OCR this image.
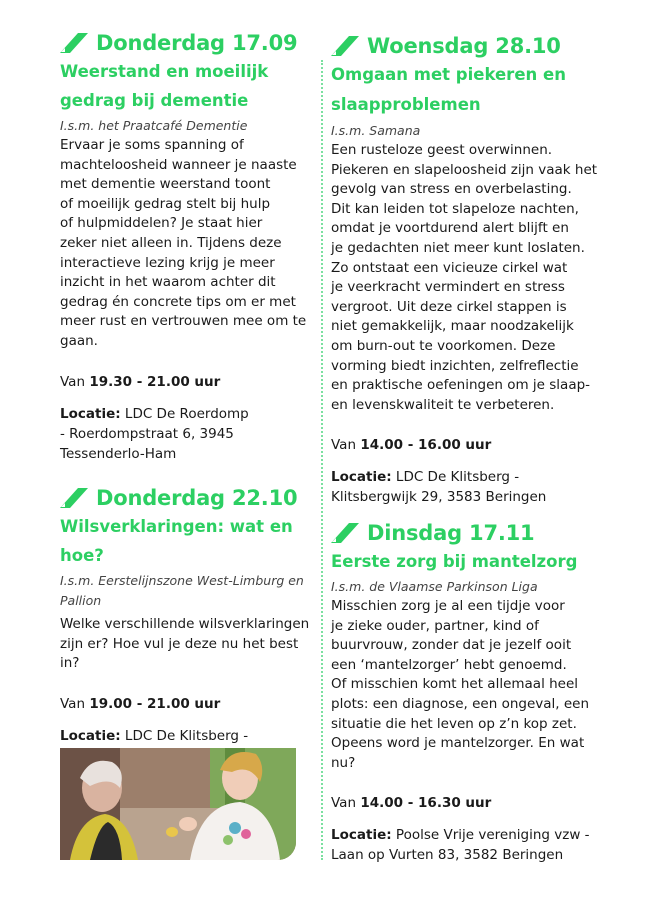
Donderdag 17.09
Weerstand en moeilijk
gedrag bij dementie
I.s.m. het Praatcafé Dementie
Ervaar je soms spanning of
machteloosheid wanneer je naaste
met dementie weerstand toont
of moeilijk gedrag stelt bij hulp
of hulpmiddelen? Je staat hier
zeker niet alleen in. Tijdens deze
interactieve lezing krijg je meer
inzicht in het waarom achter dit
gedrag én concrete tips om er met
meer rust en vertrouwen mee om te
gaan.
Van 19.30 - 21.00 uur
Locatie: LDC De Roerdomp
- Roerdompstraat 6, 3945
Tessenderlo-Ham
Donderdag 22.10
Wilsverklaringen: wat en
hoe?
I.s.m. Eerstelijnszone West-Limburg en
Pallion
Welke verschillende wilsverklaringen
zijn er? Hoe vul je deze nu het best
in?
Van 19.00 - 21.00 uur
Locatie: LDC De Klitsberg -

Woensdag 28.10
Omgaan met piekeren en
slaapproblemen
I.s.m. Samana
Een rusteloze geest overwinnen.
Piekeren en slapeloosheid zijn vaak het
gevolg van stress en overbelasting.
Dit kan leiden tot slapeloze nachten,
omdat je voortdurend alert blijft en
je gedachten niet meer kunt loslaten.
Zo ontstaat een vicieuze cirkel wat
je veerkracht vermindert en stress
vergroot. Uit deze cirkel stappen is
niet gemakkelijk, maar noodzakelijk
om burn-out te voorkomen. Deze
vorming biedt inzichten, zelfreflectie
en praktische oefeningen om je slaap-
en levenskwaliteit te verbeteren.
Van 14.00 - 16.00 uur
Locatie: LDC De Klitsberg -
Klitsbergwijk 29, 3583 Beringen
Dinsdag 17.11
Eerste zorg bij mantelzorg
I.s.m. de Vlaamse Parkinson Liga
Misschien zorg je al een tijdje voor
je zieke ouder, partner, kind of
buurvrouw, zonder dat je jezelf ooit
een ‘mantelzorger’ hebt genoemd.
Of misschien komt het allemaal heel
plots: een diagnose, een ongeval, een
situatie die het leven op z’n kop zet.
Opeens word je mantelzorger. En wat
nu?
Van 14.00 - 16.30 uur
Locatie: Poolse Vrije vereniging vzw -
Laan op Vurten 83, 3582 Beringen
